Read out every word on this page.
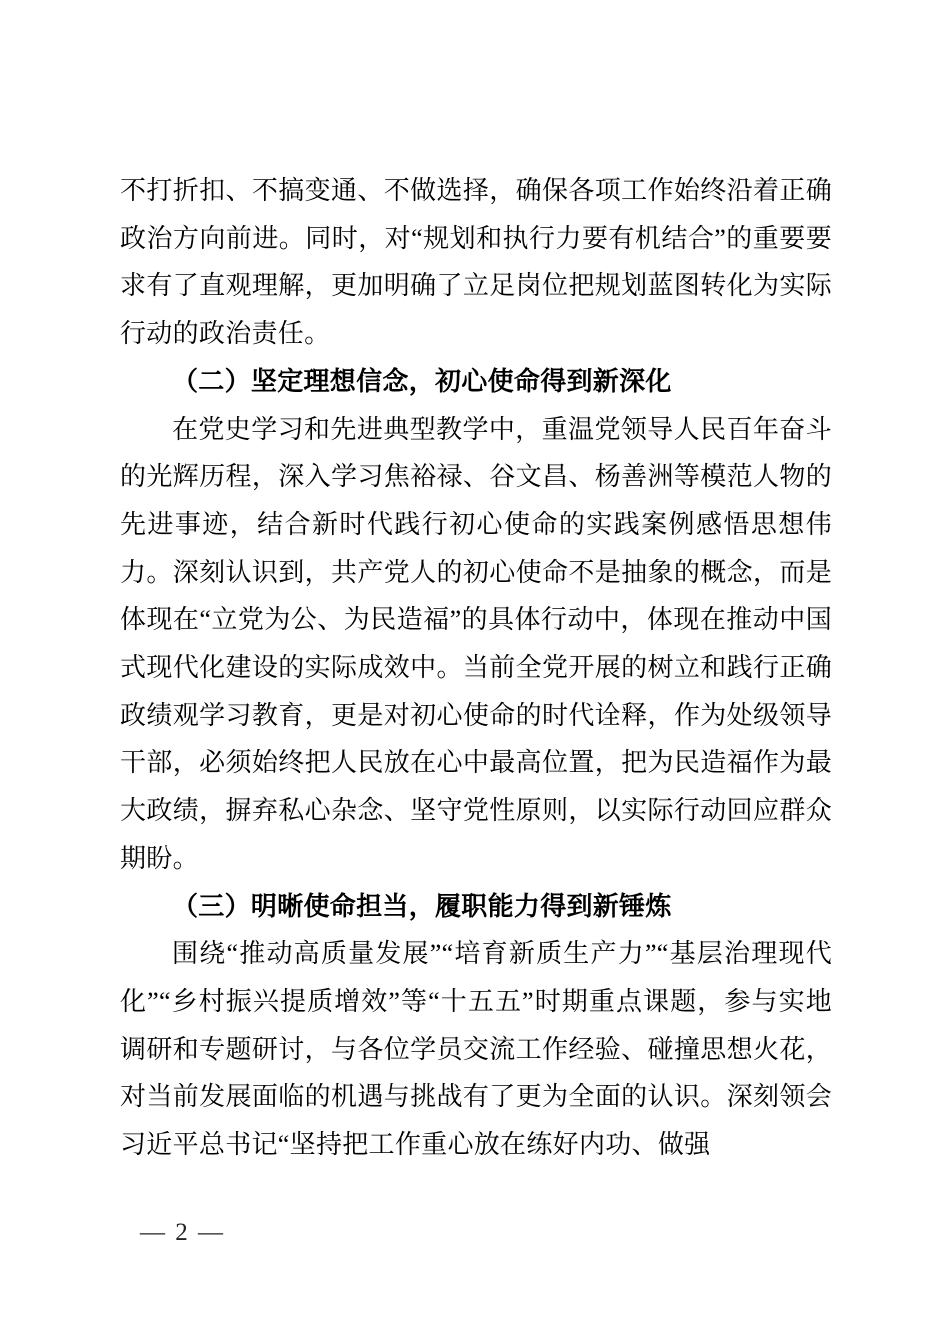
不打折扣、不搞变通、不做选择，确保各项工作始终沿着正确政治方向前进。同时，对“规划和执行力要有机结合”的重要要求有了直观理解，更加明确了立足岗位把规划蓝图转化为实际行动的政治责任。

（二）坚定理想信念，初心使命得到新深化

在党史学习和先进典型教学中，重温党领导人民百年奋斗的光辉历程，深入学习焦裕禄、谷文昌、杨善洲等模范人物的先进事迹，结合新时代践行初心使命的实践案例感悟思想伟力。深刻认识到，共产党人的初心使命不是抽象的概念，而是体现在“立党为公、为民造福”的具体行动中，体现在推动中国式现代化建设的实际成效中。当前全党开展的树立和践行正确政绩观学习教育，更是对初心使命的时代诠释，作为处级领导干部，必须始终把人民放在心中最高位置，把为民造福作为最大政绩，摒弃私心杂念、坚守党性原则，以实际行动回应群众期盼。

（三）明晰使命担当，履职能力得到新锤炼

围绕“推动高质量发展”“培育新质生产力”“基层治理现代化”“乡村振兴提质增效”等“十五五”时期重点课题，参与实地调研和专题研讨，与各位学员交流工作经验、碰撞思想火花，对当前发展面临的机遇与挑战有了更为全面的认识。深刻领会习近平总书记“坚持把工作重心放在练好内功、做强

— 2 —
